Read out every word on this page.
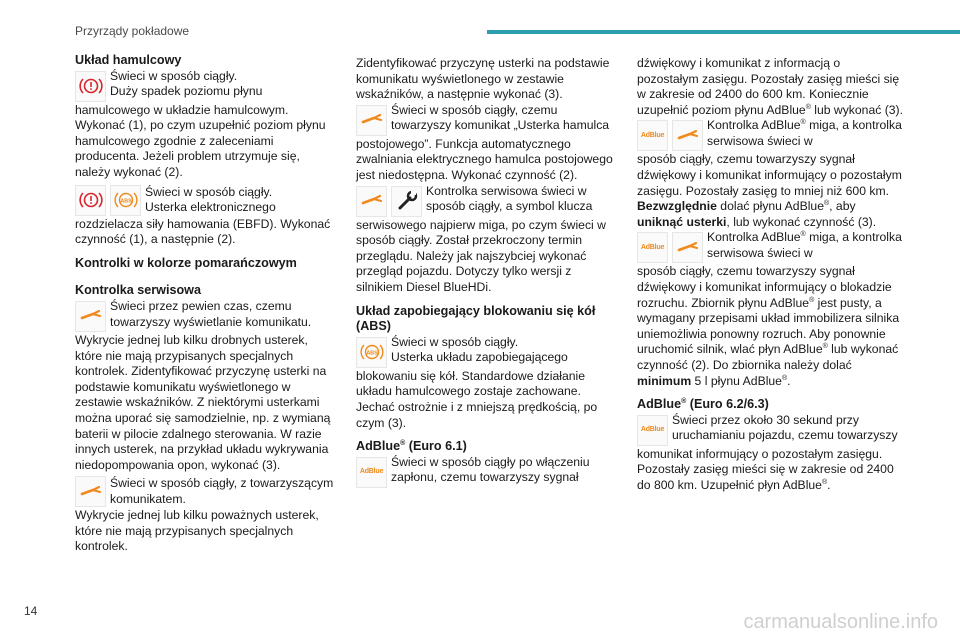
Przyrządy pokładowe

Układ hamulcowy

Świeci w sposób ciągły.

Duży spadek poziomu płynu

hamulcowego w układzie hamulcowym. Wykonać (1), po czym uzupełnić poziom płynu hamulcowego zgodnie z zaleceniami producenta. Jeżeli problem utrzymuje się, należy wykonać (2).

ABS

Świeci w sposób ciągły.

Usterka elektronicznego

rozdzielacza siły hamowania (EBFD). Wykonać czynność (1), a następnie (2).

Kontrolki w kolorze pomarańczowym

Kontrolka serwisowa

Świeci przez pewien czas, czemu towarzyszy wyświetlanie komunikatu.

Wykrycie jednej lub kilku drobnych usterek, które nie mają przypisanych specjalnych kontrolek. Zidentyfikować przyczynę usterki na podstawie komunikatu wyświetlonego w zestawie wskaźników. Z niektórymi usterkami można uporać się samodzielnie, np. z wymianą baterii w pilocie zdalnego sterowania. W razie innych usterek, na przykład układu wykrywania niedopompowania opon, wykonać (3).

Świeci w sposób ciągły, z towarzyszącym komunikatem.

Wykrycie jednej lub kilku poważnych usterek, które nie mają przypisanych specjalnych kontrolek.

Zidentyfikować przyczynę usterki na podstawie komunikatu wyświetlonego w zestawie wskaźników, a następnie wykonać (3).

Świeci w sposób ciągły, czemu towarzyszy komunikat „Usterka hamulca

postojowego”. Funkcja automatycznego zwalniania elektrycznego hamulca postojowego jest niedostępna. Wykonać czynność (2).

Kontrolka serwisowa świeci w sposób ciągły, a symbol klucza

serwisowego najpierw miga, po czym świeci w sposób ciągły. Został przekroczony termin przeglądu. Należy jak najszybciej wykonać przegląd pojazdu. Dotyczy tylko wersji z silnikiem Diesel BlueHDi.

Układ zapobiegający blokowaniu się kół (ABS)

ABS

Świeci w sposób ciągły.

Usterka układu zapobiegającego

blokowaniu się kół. Standardowe działanie układu hamulcowego zostaje zachowane. Jechać ostrożnie i z mniejszą prędkością, po czym (3).

AdBlue® (Euro 6.1)

AdBlue

Świeci w sposób ciągły po włączeniu zapłonu, czemu towarzyszy sygnał

dźwiękowy i komunikat z informacją o pozostałym zasięgu. Pozostały zasięg mieści się w zakresie od 2400 do 600 km. Koniecznie uzupełnić poziom płynu AdBlue® lub wykonać (3).

AdBlue

Kontrolka AdBlue® miga, a kontrolka serwisowa świeci w

sposób ciągły, czemu towarzyszy sygnał dźwiękowy i komunikat informujący o pozostałym zasięgu. Pozostały zasięg to mniej niż 600 km. Bezwzględnie dolać płynu AdBlue®, aby uniknąć usterki, lub wykonać czynność (3).

AdBlue

Kontrolka AdBlue® miga, a kontrolka serwisowa świeci w

sposób ciągły, czemu towarzyszy sygnał dźwiękowy i komunikat informujący o blokadzie rozruchu. Zbiornik płynu AdBlue® jest pusty, a wymagany przepisami układ immobilizera silnika uniemożliwia ponowny rozruch. Aby ponownie uruchomić silnik, wlać płyn AdBlue® lub wykonać czynność (2). Do zbiornika należy dolać minimum 5 l płynu AdBlue®.

AdBlue® (Euro 6.2/6.3)

AdBlue

Świeci przez około 30 sekund przy uruchamianiu pojazdu, czemu towarzyszy

komunikat informujący o pozostałym zasięgu. Pozostały zasięg mieści się w zakresie od 2400 do 800 km. Uzupełnić płyn AdBlue®.

14	carmanualsonline.info
